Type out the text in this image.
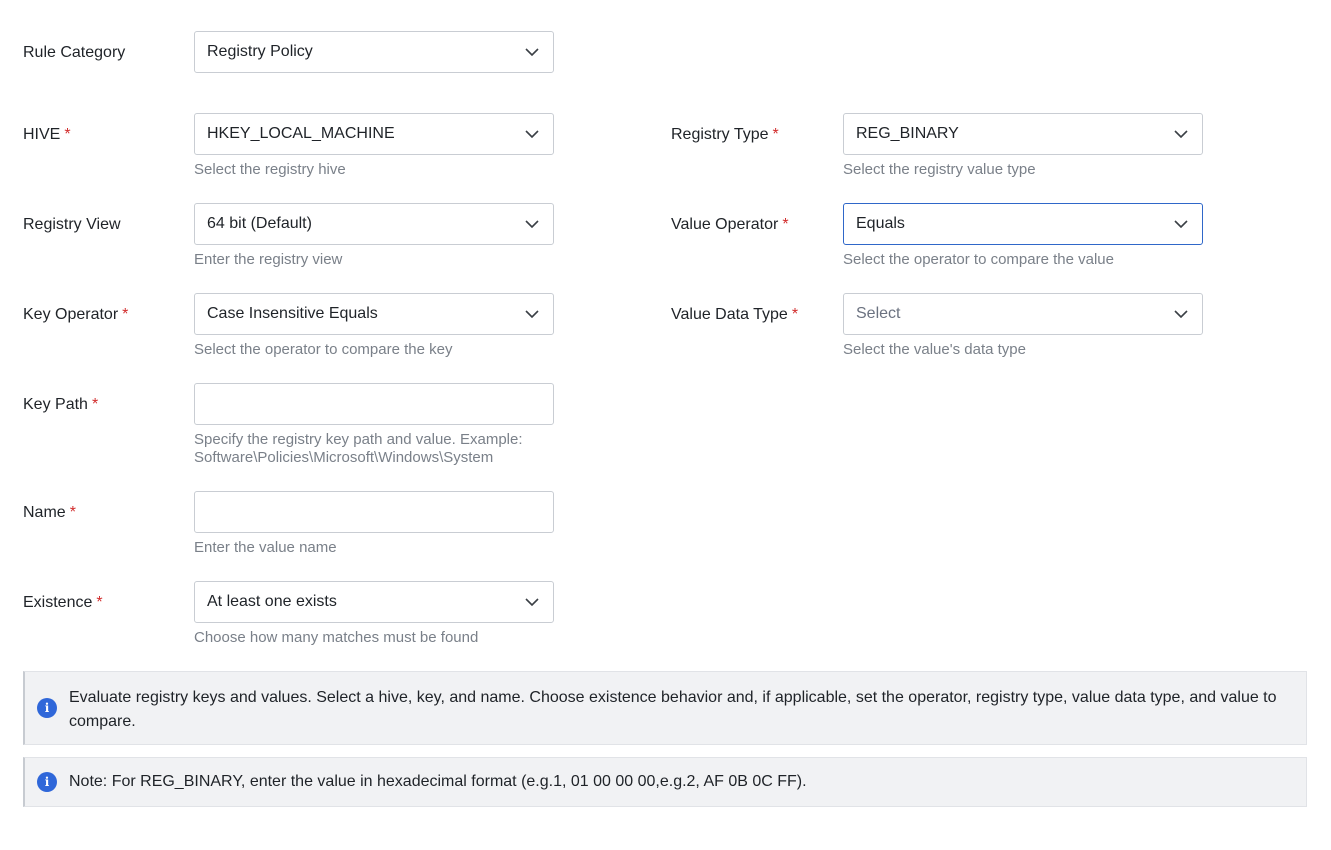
Rule Category	Registry Policy
HIVE *	HKEY_LOCAL_MACHINE
Select the registry hive
Registry View	64 bit (Default)
Enter the registry view
Key Operator *	Case Insensitive Equals
Select the operator to compare the key
Key Path *
Specify the registry key path and value. Example:
Software\Policies\Microsoft\Windows\System
Name *
Enter the value name
Existence *	At least one exists
Choose how many matches must be found
Registry Type *	REG_BINARY
Select the registry value type
Value Operator *	Equals
Select the operator to compare the value
Value Data Type *	Select
Select the value's data type
i
Evaluate registry keys and values. Select a hive, key, and name. Choose existence behavior and, if applicable, set the operator, registry type, value data type, and value to compare.
i	Note: For REG_BINARY, enter the value in hexadecimal format (e.g.1, 01 00 00 00,e.g.2, AF 0B 0C FF).
